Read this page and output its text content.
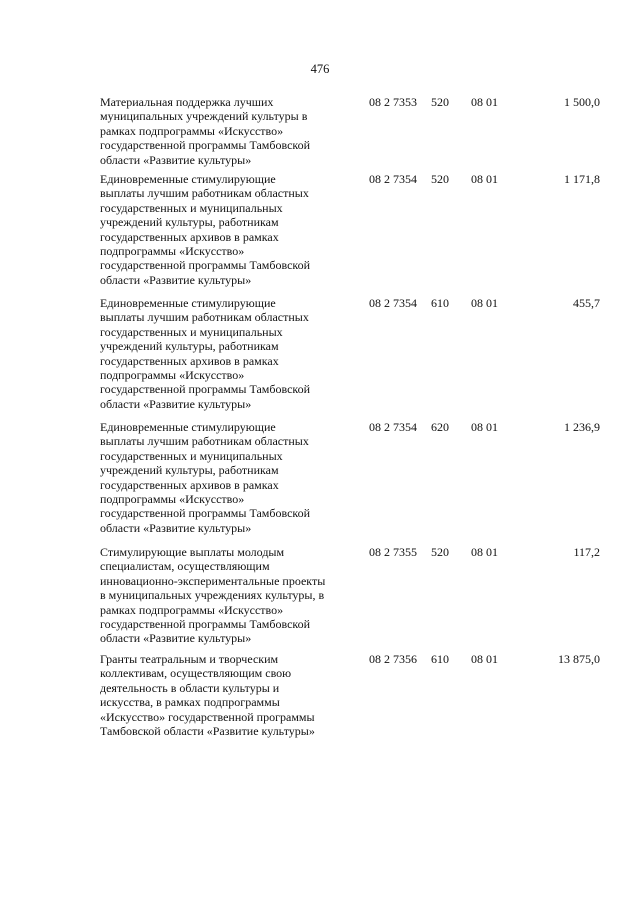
476
Материальная поддержка лучших
муниципальных учреждений культуры в
рамках подпрограммы «Искусство»
государственной программы Тамбовской
области «Развитие культуры»
08 2 7353 520 08 01	1 500,0
Единовременные стимулирующие
выплаты лучшим работникам областных
государственных и муниципальных
учреждений культуры, работникам
государственных архивов в рамках
подпрограммы «Искусство»
государственной программы Тамбовской
области «Развитие культуры»
08 2 7354 520 08 01	1 171,8
Единовременные стимулирующие
выплаты лучшим работникам областных
государственных и муниципальных
учреждений культуры, работникам
государственных архивов в рамках
подпрограммы «Искусство»
государственной программы Тамбовской
области «Развитие культуры»
08 2 7354 610 08 01	455,7
Единовременные стимулирующие
выплаты лучшим работникам областных
государственных и муниципальных
учреждений культуры, работникам
государственных архивов в рамках
подпрограммы «Искусство»
государственной программы Тамбовской
области «Развитие культуры»
08 2 7354 620 08 01	1 236,9
Стимулирующие выплаты молодым
специалистам, осуществляющим
инновационно-экспериментальные проекты
в муниципальных учреждениях культуры, в
рамках подпрограммы «Искусство»
государственной программы Тамбовской
области «Развитие культуры»
08 2 7355 520 08 01	117,2
Гранты театральным и творческим
коллективам, осуществляющим свою
деятельность в области культуры и
искусства, в рамках подпрограммы
«Искусство» государственной программы
Тамбовской области «Развитие культуры»
08 2 7356 610 08 01	13 875,0
